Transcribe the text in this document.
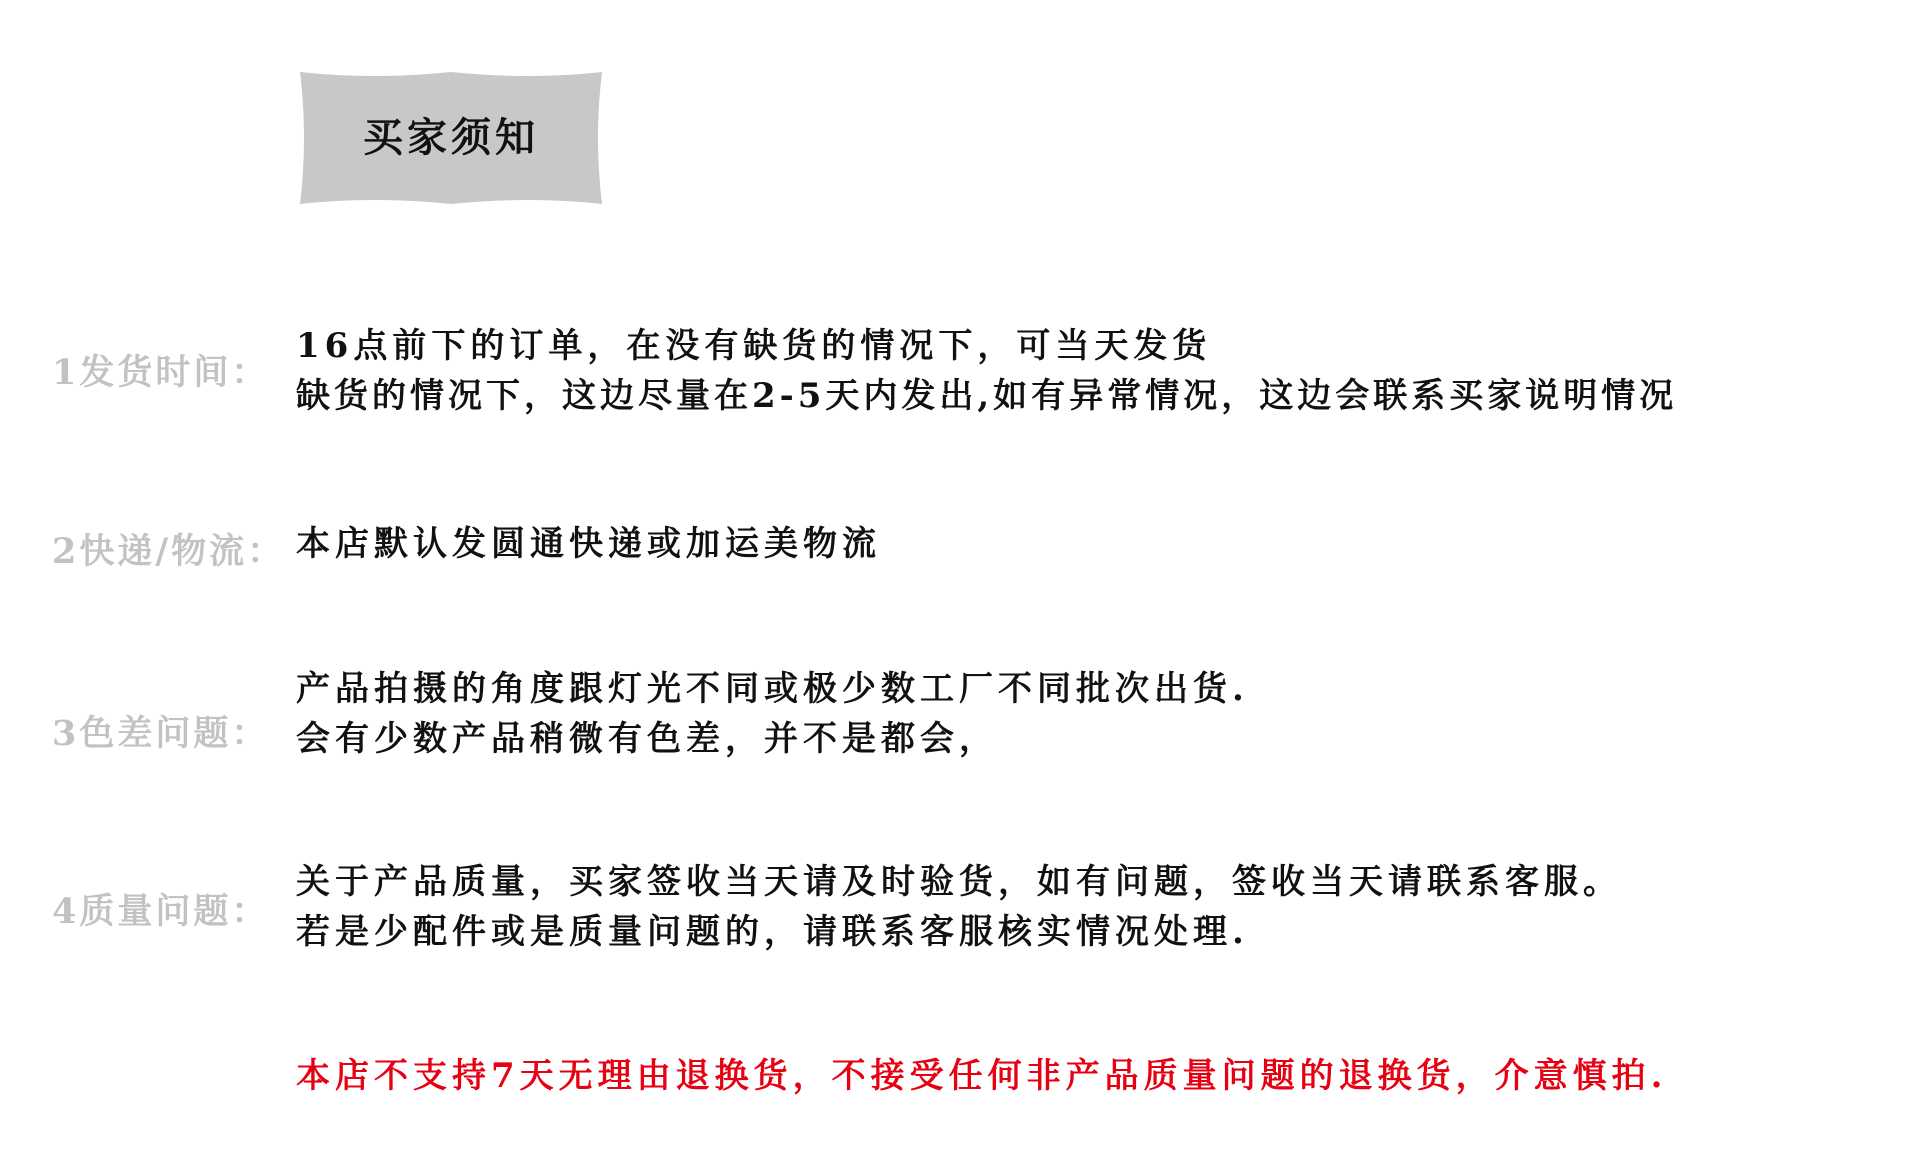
买家须知
1发货时间：
16点前下的订单，在没有缺货的情况下，可当天发货
缺货的情况下，这边尽量在2-5天内发出,如有异常情况，这边会联系买家说明情况
2快递/物流： 本店默认发圆通快递或加运美物流
3色差问题：
产品拍摄的角度跟灯光不同或极少数工厂不同批次出货.
会有少数产品稍微有色差，并不是都会，
4质量问题：
关于产品质量，买家签收当天请及时验货，如有问题，签收当天请联系客服。
若是少配件或是质量问题的，请联系客服核实情况处理.
本店不支持7天无理由退换货，不接受任何非产品质量问题的退换货，介意慎拍.
